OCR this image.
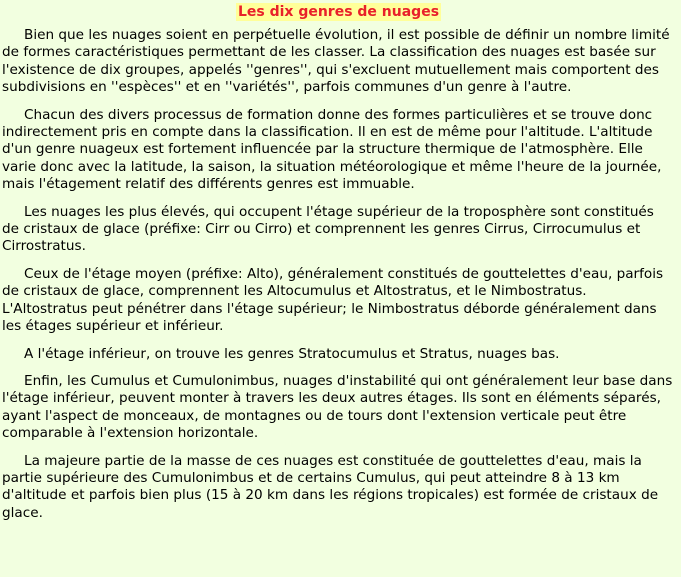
Les dix genres de nuages

Bien que les nuages soient en perpétuelle évolution, il est possible de définir un nombre limité de formes caractéristiques permettant de les classer. La classification des nuages est basée sur l'existence de dix groupes, appelés ''genres'', qui s'excluent mutuellement mais comportent des subdivisions en ''espèces'' et en ''variétés'', parfois communes d'un genre à l'autre.

Chacun des divers processus de formation donne des formes particulières et se trouve donc indirectement pris en compte dans la classification. Il en est de même pour l'altitude. L'altitude d'un genre nuageux est fortement influencée par la structure thermique de l'atmosphère. Elle varie donc avec la latitude, la saison, la situation météorologique et même l'heure de la journée, mais l'étagement relatif des différents genres est immuable.

Les nuages les plus élevés, qui occupent l'étage supérieur de la troposphère sont constitués de cristaux de glace (préfixe: Cirr ou Cirro) et comprennent les genres Cirrus, Cirrocumulus et Cirrostratus.

Ceux de l'étage moyen (préfixe: Alto), généralement constitués de gouttelettes d'eau, parfois de cristaux de glace, comprennent les Altocumulus et Altostratus, et le Nimbostratus. L'Altostratus peut pénétrer dans l'étage supérieur; le Nimbostratus déborde généralement dans les étages supérieur et inférieur.

A l'étage inférieur, on trouve les genres Stratocumulus et Stratus, nuages bas.

Enfin, les Cumulus et Cumulonimbus, nuages d'instabilité qui ont généralement leur base dans l'étage inférieur, peuvent monter à travers les deux autres étages. Ils sont en éléments séparés, ayant l'aspect de monceaux, de montagnes ou de tours dont l'extension verticale peut être comparable à l'extension horizontale.

La majeure partie de la masse de ces nuages est constituée de gouttelettes d'eau, mais la partie supérieure des Cumulonimbus et de certains Cumulus, qui peut atteindre 8 à 13 km d'altitude et parfois bien plus (15 à 20 km dans les régions tropicales) est formée de cristaux de glace.
